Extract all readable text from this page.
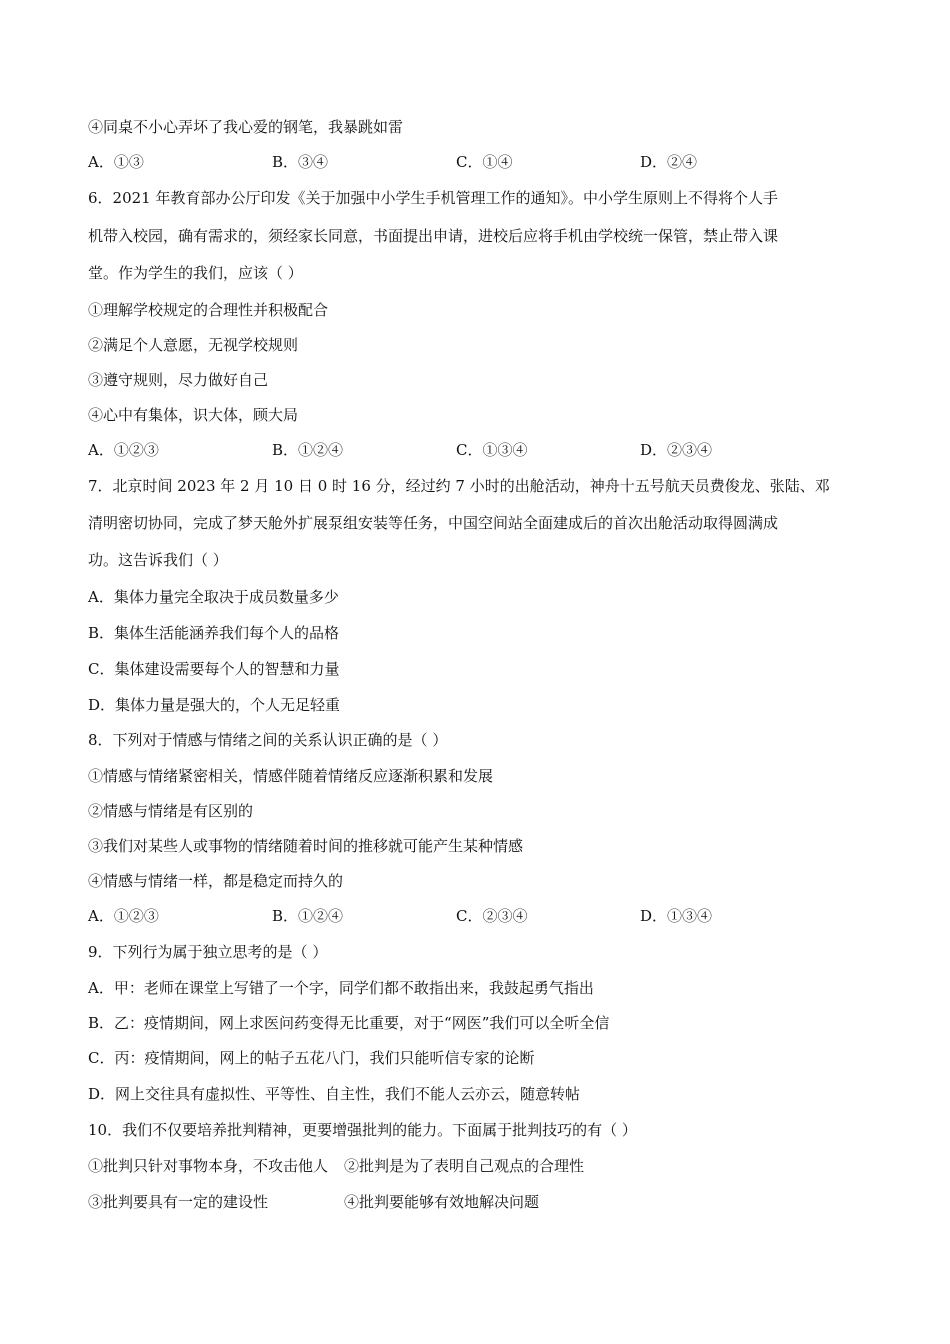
④同桌不小心弄坏了我心爱的钢笔，我暴跳如雷
A．①③	B．③④	C．①④	D．②④
6．2021 年教育部办公厅印发《关于加强中小学生手机管理工作的通知》。中小学生原则上不得将个人手
机带入校园，确有需求的，须经家长同意，书面提出申请，进校后应将手机由学校统一保管，禁止带入课
堂。作为学生的我们，应该（ ）
①理解学校规定的合理性并积极配合
②满足个人意愿，无视学校规则
③遵守规则，尽力做好自己
④心中有集体，识大体，顾大局
A．①②③	B．①②④	C．①③④	D．②③④
7．北京时间 2023 年 2 月 10 日 0 时 16 分，经过约 7 小时的出舱活动，神舟十五号航天员费俊龙、张陆、邓
清明密切协同，完成了梦天舱外扩展泵组安装等任务，中国空间站全面建成后的首次出舱活动取得圆满成
功。这告诉我们（ ）
A．集体力量完全取决于成员数量多少
B．集体生活能涵养我们每个人的品格
C．集体建设需要每个人的智慧和力量
D．集体力量是强大的，个人无足轻重
8．下列对于情感与情绪之间的关系认识正确的是（ ）
①情感与情绪紧密相关，情感伴随着情绪反应逐渐积累和发展
②情感与情绪是有区别的
③我们对某些人或事物的情绪随着时间的推移就可能产生某种情感
④情感与情绪一样，都是稳定而持久的
A．①②③	B．①②④	C．②③④	D．①③④
9．下列行为属于独立思考的是（ ）
A．甲：老师在课堂上写错了一个字，同学们都不敢指出来，我鼓起勇气指出
B．乙：疫情期间，网上求医问药变得无比重要，对于“网医”我们可以全听全信
C．丙：疫情期间，网上的帖子五花八门，我们只能听信专家的论断
D．网上交往具有虚拟性、平等性、自主性，我们不能人云亦云，随意转帖
10．我们不仅要培养批判精神，更要增强批判的能力。下面属于批判技巧的有（ ）
①批判只针对事物本身，不攻击他人 ②批判是为了表明自己观点的合理性
③批判要具有一定的建设性	④批判要能够有效地解决问题
